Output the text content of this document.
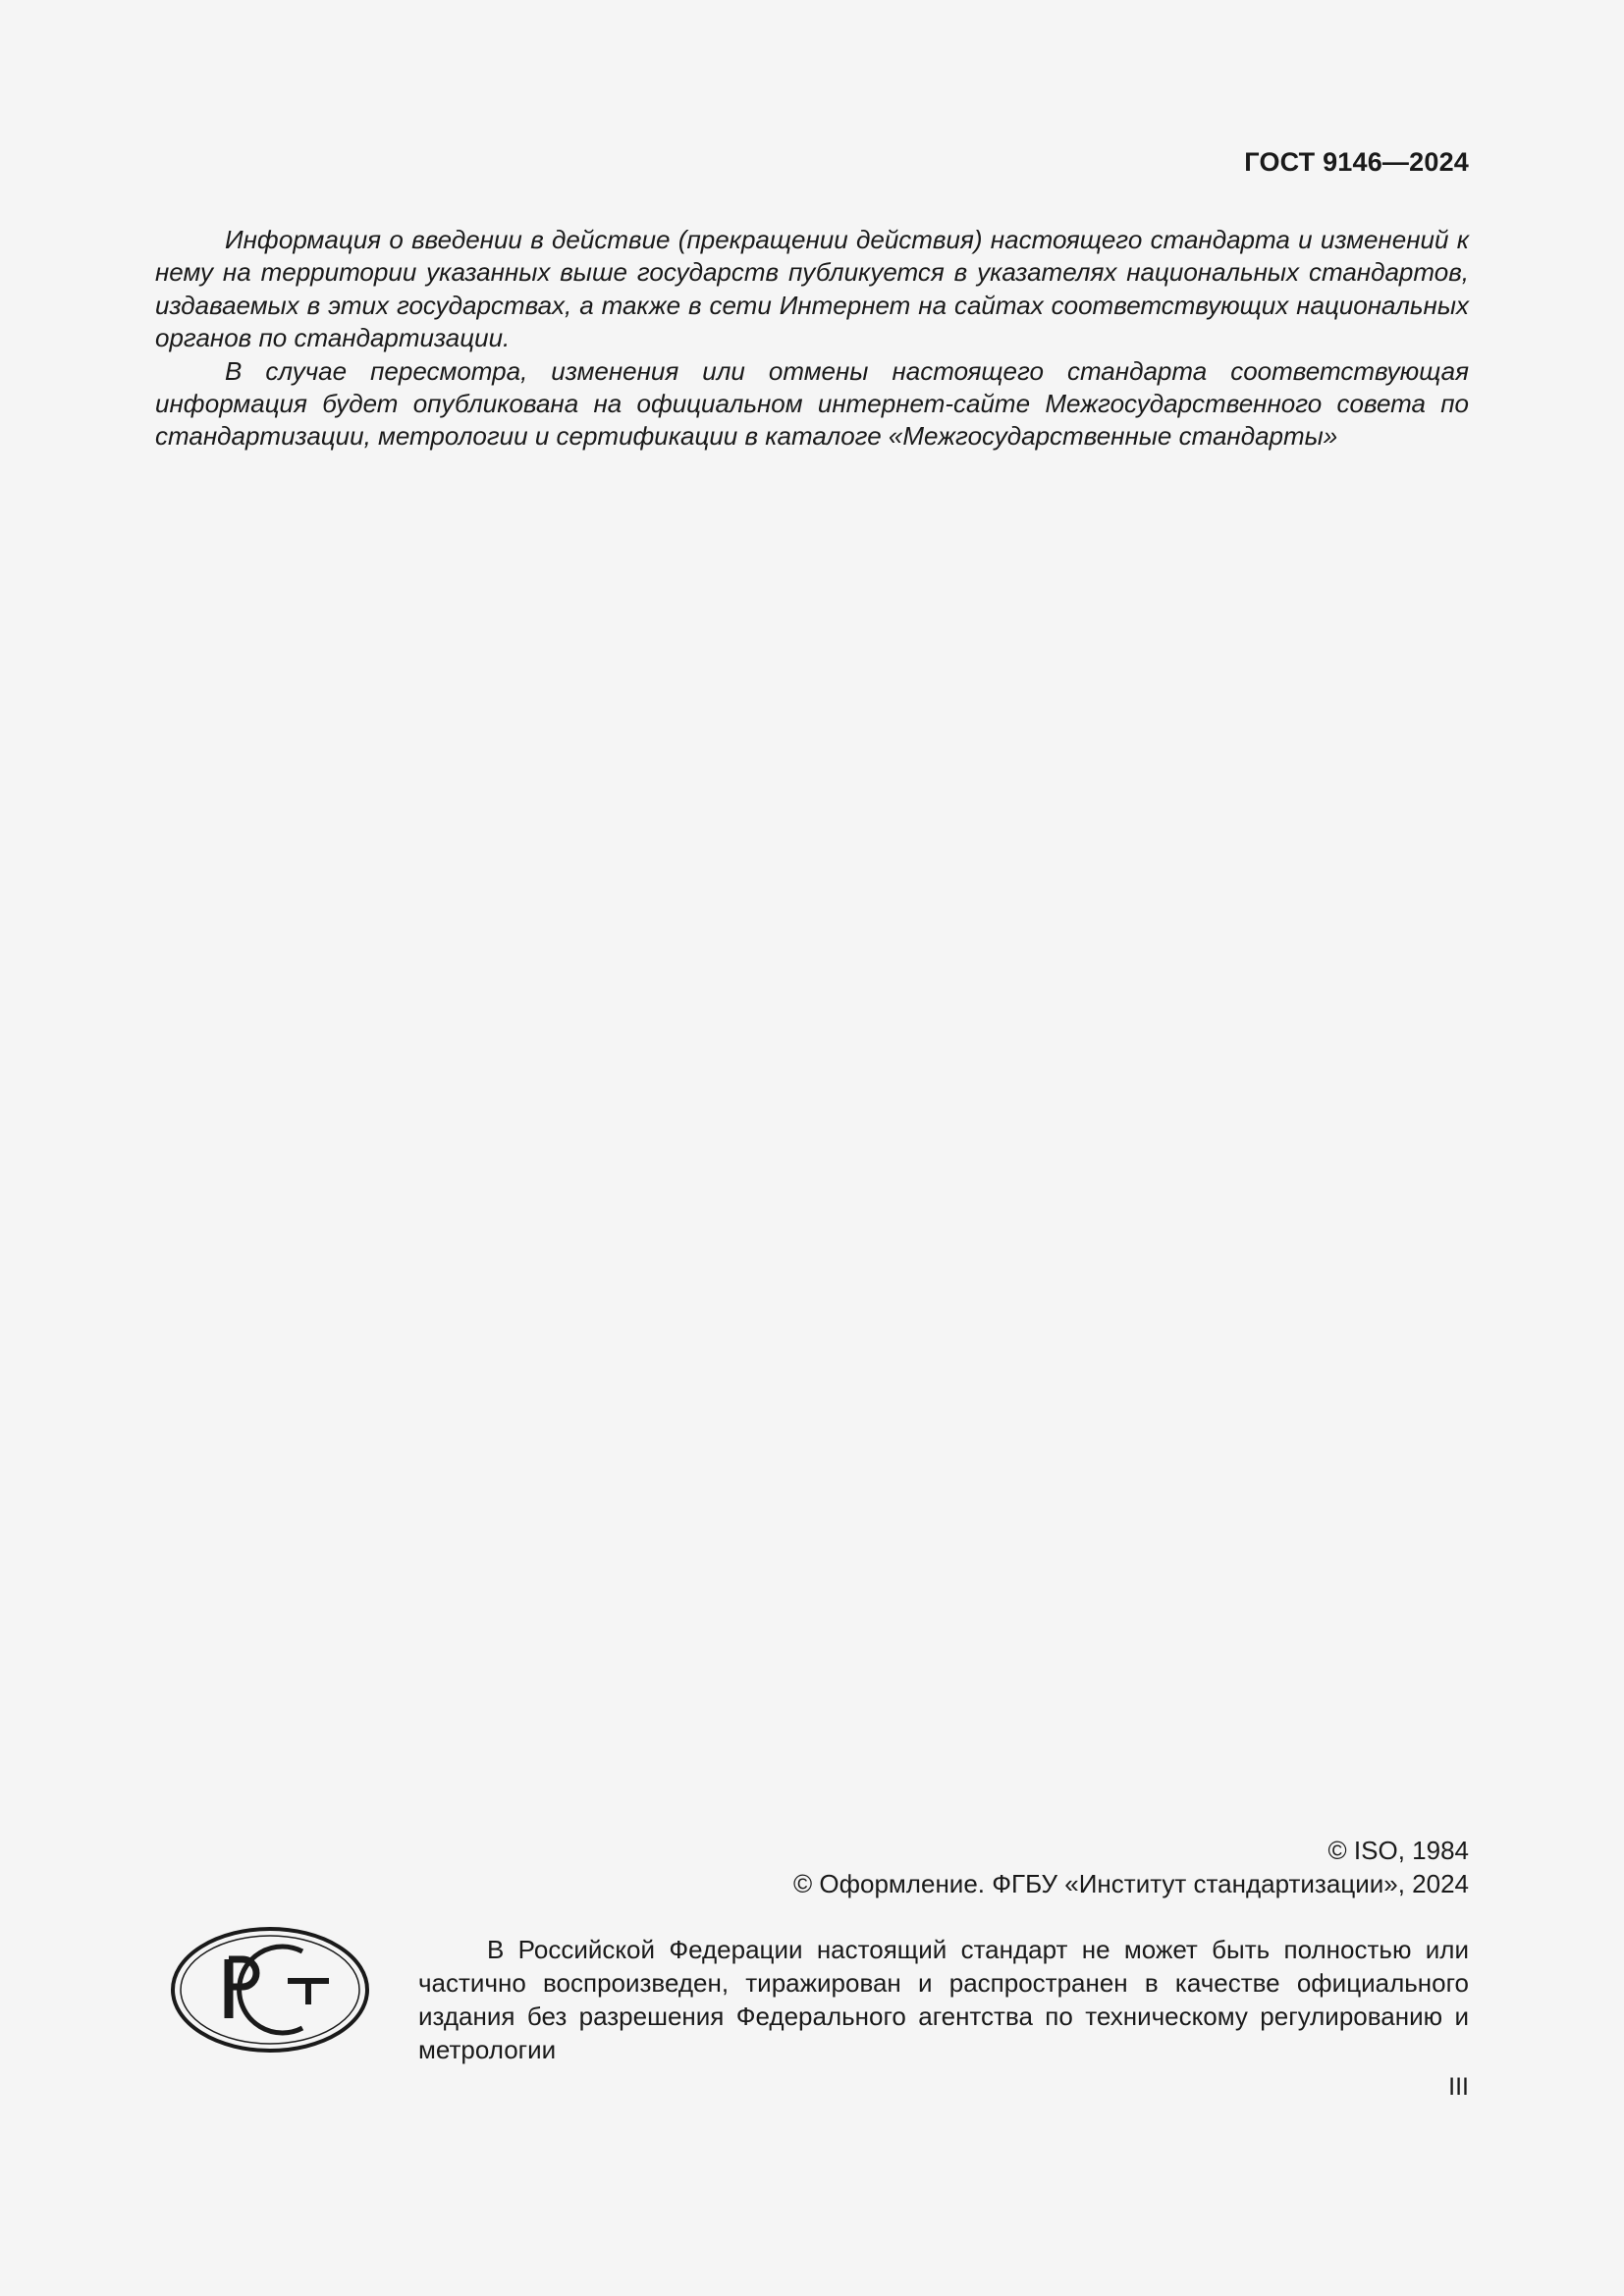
ГОСТ 9146—2024

Информация о введении в действие (прекращении действия) настоящего стандарта и изменений к нему на территории указанных выше государств публикуется в указателях национальных стандартов, издаваемых в этих государствах, а также в сети Интернет на сайтах соответствующих национальных органов по стандартизации.

В случае пересмотра, изменения или отмены настоящего стандарта соответствующая информация будет опубликована на официальном интернет-сайте Межгосударственного совета по стандартизации, метрологии и сертификации в каталоге «Межгосударственные стандарты»

© ISO, 1984
© Оформление. ФГБУ «Институт стандартизации», 2024

В Российской Федерации настоящий стандарт не может быть полностью или частично воспроизведен, тиражирован и распространен в качестве официального издания без разрешения Федерального агентства по техническому регулированию и метрологии

III
